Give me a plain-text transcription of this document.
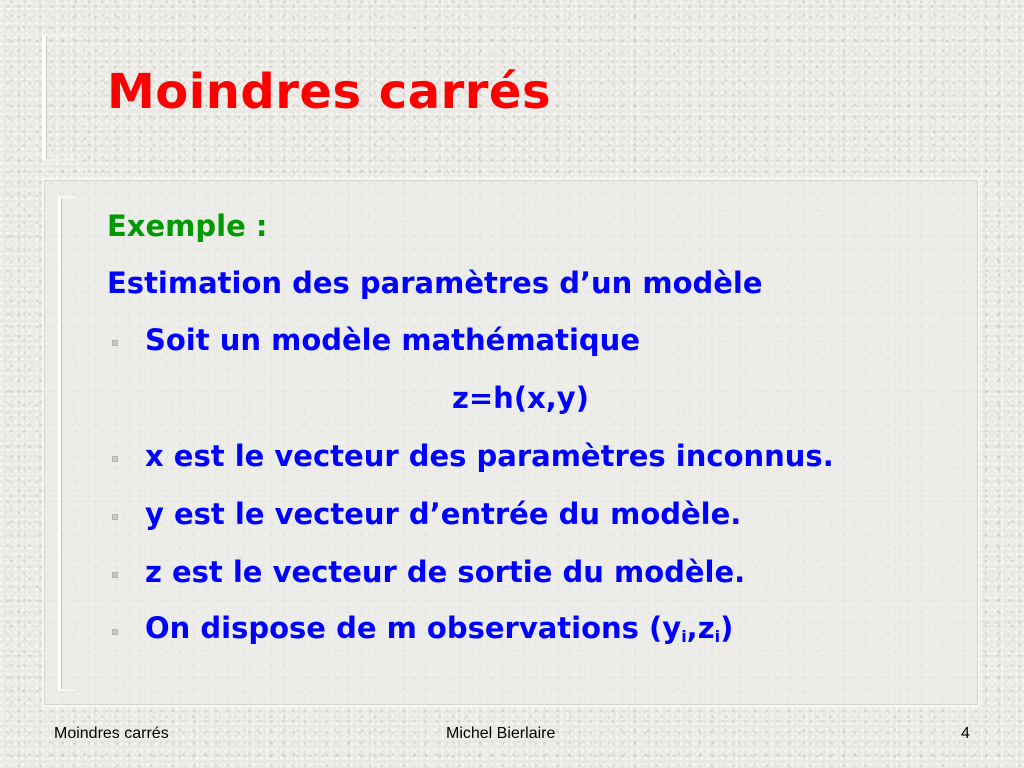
Moindres carrés

Exemple :

Estimation des paramètres d’un modèle

Soit un modèle mathématique

z=h(x,y)

x est le vecteur des paramètres inconnus.

y est le vecteur d’entrée du modèle.

z est le vecteur de sortie du modèle.

On dispose de m observations $(y_i,z_i)$

Moindres carrés	Michel Bierlaire	4
